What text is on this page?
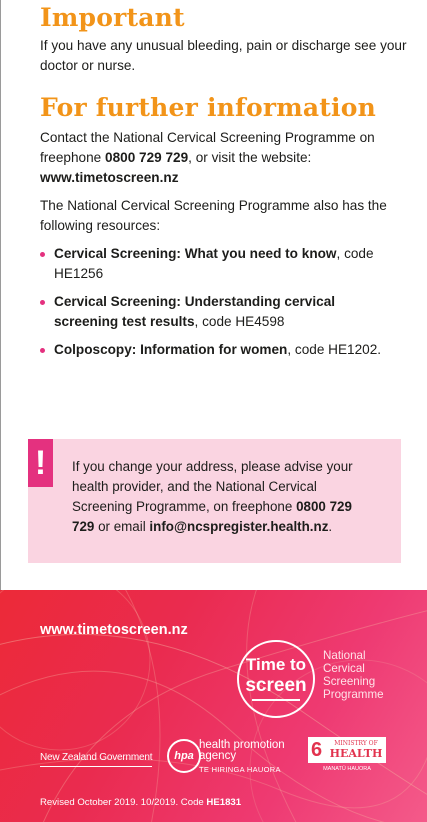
Important
If you have any unusual bleeding, pain or discharge see your doctor or nurse.
For further information
Contact the National Cervical Screening Programme on freephone 0800 729 729, or visit the website: www.timetoscreen.nz
The National Cervical Screening Programme also has the following resources:
Cervical Screening: What you need to know, code HE1256
Cervical Screening: Understanding cervical screening test results, code HE4598
Colposcopy: Information for women, code HE1202.
!	If you change your address, please advise your health provider, and the National Cervical Screening Programme, on freephone 0800 729 729 or email info@ncspregister.health.nz.
www.timetoscreen.nz
Time to
screen
National
Cervical
Screening
Programme
New Zealand Government	hpa
health promotion agency
TE HIRINGA HAUORA
6	MINISTRY OF
HEALTH
MANATŪ HAUORA
Revised October 2019. 10/2019. Code HE1831
